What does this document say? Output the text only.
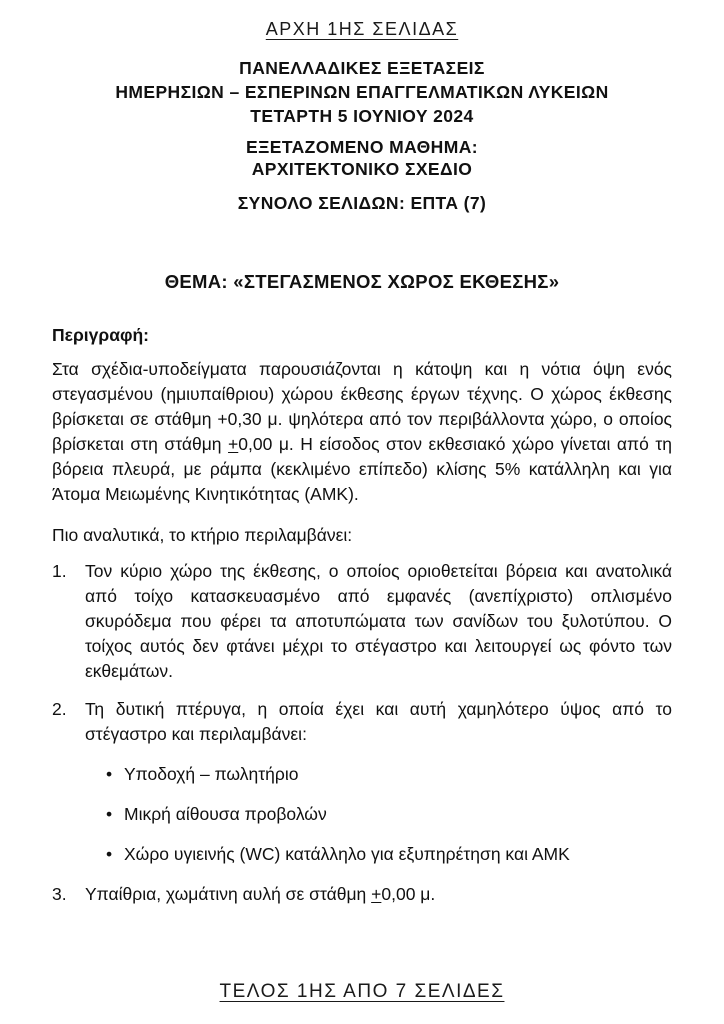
ΑΡΧΗ 1ΗΣ ΣΕΛΙΔΑΣ
ΠΑΝΕΛΛΑΔΙΚΕΣ ΕΞΕΤΑΣΕΙΣ
ΗΜΕΡΗΣΙΩΝ – ΕΣΠΕΡΙΝΩΝ ΕΠΑΓΓΕΛΜΑΤΙΚΩΝ ΛΥΚΕΙΩΝ
ΤΕΤΑΡΤΗ 5 ΙΟΥΝΙΟΥ 2024
ΕΞΕΤΑΖΟΜΕΝΟ ΜΑΘΗΜΑ:
ΑΡΧΙΤΕΚΤΟΝΙΚΟ ΣΧΕΔΙΟ
ΣΥΝΟΛΟ ΣΕΛΙΔΩΝ: ΕΠΤΑ (7)
ΘΕΜΑ: «ΣΤΕΓΑΣΜΕΝΟΣ ΧΩΡΟΣ ΕΚΘΕΣΗΣ»

Περιγραφή:

Στα σχέδια-υποδείγματα παρουσιάζονται η κάτοψη και η νότια όψη ενός στεγασμένου (ημιυπαίθριου) χώρου έκθεσης έργων τέχνης. Ο χώρος έκθεσης βρίσκεται σε στάθμη +0,30 μ. ψηλότερα από τον περιβάλλοντα χώρο, ο οποίος βρίσκεται στη στάθμη +0,00 μ. Η είσοδος στον εκθεσιακό χώρο γίνεται από τη βόρεια πλευρά, με ράμπα (κεκλιμένο επίπεδο) κλίσης 5% κατάλληλη και για Άτομα Μειωμένης Κινητικότητας (ΑΜΚ).

Πιο αναλυτικά, το κτήριο περιλαμβάνει:

1. Τον κύριο χώρο της έκθεσης, ο οποίος οριοθετείται βόρεια και ανατολικά από τοίχο κατασκευασμένο από εμφανές (ανεπίχριστο) οπλισμένο σκυρόδεμα που φέρει τα αποτυπώματα των σανίδων του ξυλοτύπου. Ο τοίχος αυτός δεν φτάνει μέχρι το στέγαστρο και λειτουργεί ως φόντο των εκθεμάτων.
2. Τη δυτική πτέρυγα, η οποία έχει και αυτή χαμηλότερο ύψος από το στέγαστρο και περιλαμβάνει:
• Υποδοχή – πωλητήριο
• Μικρή αίθουσα προβολών
• Χώρο υγιεινής (WC) κατάλληλο για εξυπηρέτηση και ΑΜΚ
3. Υπαίθρια, χωμάτινη αυλή σε στάθμη +0,00 μ.
ΤΕΛΟΣ 1ΗΣ ΑΠΟ 7 ΣΕΛΙΔΕΣ
